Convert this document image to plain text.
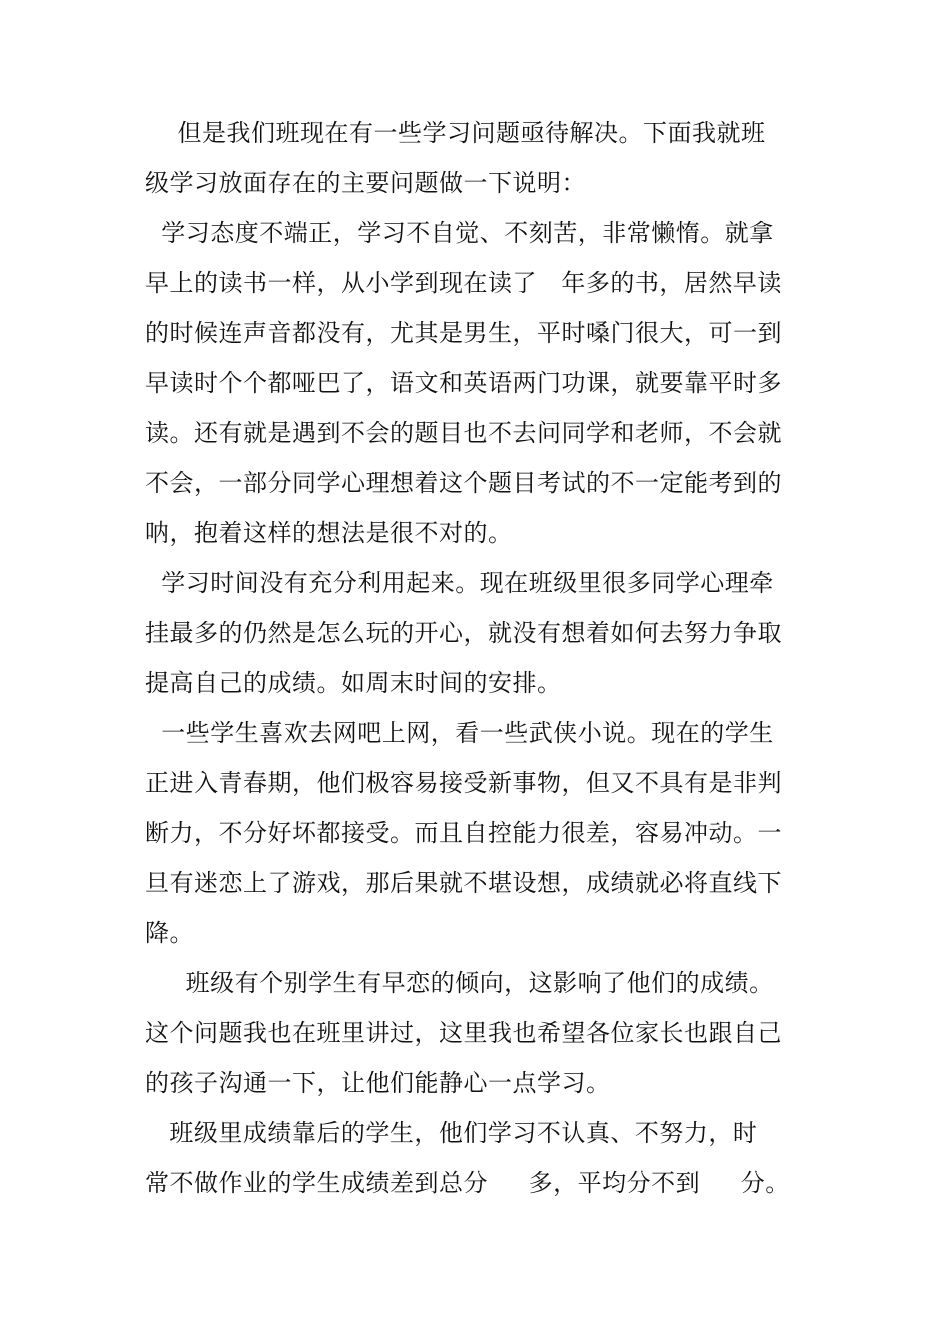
但是我们班现在有一些学习问题亟待解决。下面我就班
级学习放面存在的主要问题做一下说明：
学习态度不端正，学习不自觉、不刻苦，非常懒惰。就拿
早上的读书一样，从小学到现在读了   年多的书，居然早读
的时候连声音都没有，尤其是男生，平时嗓门很大，可一到
早读时个个都哑巴了，语文和英语两门功课，就要靠平时多
读。还有就是遇到不会的题目也不去问同学和老师，不会就
不会，一部分同学心理想着这个题目考试的不一定能考到的
呐，抱着这样的想法是很不对的。
学习时间没有充分利用起来。现在班级里很多同学心理牵
挂最多的仍然是怎么玩的开心，就没有想着如何去努力争取
提高自己的成绩。如周末时间的安排。
一些学生喜欢去网吧上网，看一些武侠小说。现在的学生
正进入青春期，他们极容易接受新事物，但又不具有是非判
断力，不分好坏都接受。而且自控能力很差，容易冲动。一
旦有迷恋上了游戏，那后果就不堪设想，成绩就必将直线下
降。
班级有个别学生有早恋的倾向，这影响了他们的成绩。
这个问题我也在班里讲过，这里我也希望各位家长也跟自己
的孩子沟通一下，让他们能静心一点学习。
班级里成绩靠后的学生，他们学习不认真、不努力，时
常不做作业的学生成绩差到总分     多，平均分不到     分。
